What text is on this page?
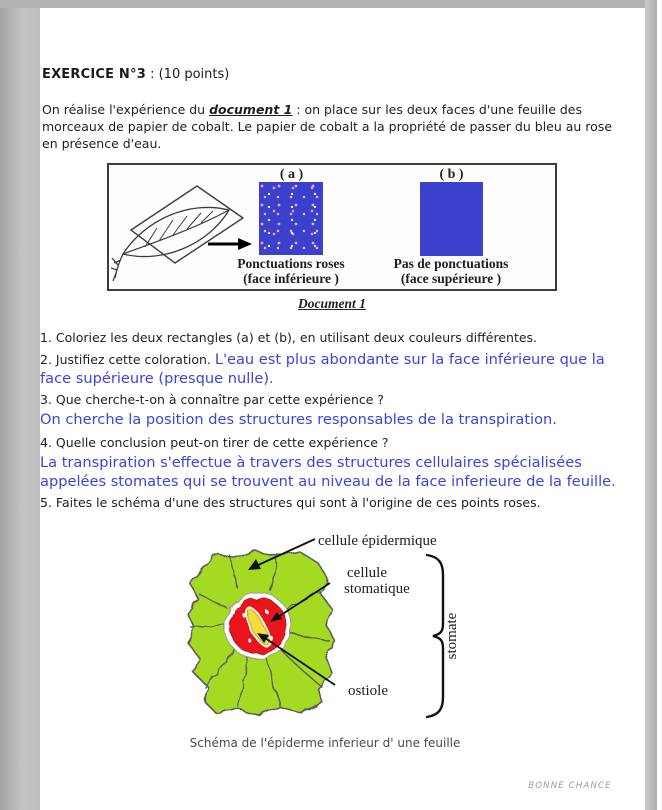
EXERCICE N°3 : (10 points)
On réalise l'expérience du document 1 : on place sur les deux faces d'une feuille des morceaux de papier de cobalt. Le papier de cobalt a la propriété de passer du bleu au rose en présence d'eau.
( a )
Ponctuations roses
(face inférieure )
( b )
Pas de ponctuations
(face supérieure )
Document 1

1. Coloriez les deux rectangles (a) et (b), en utilisant deux couleurs différentes.

2. Justifiez cette coloration. L'eau est plus abondante sur la face inférieure que la face supérieure (presque nulle).

3. Que cherche-t-on à connaître par cette expérience ?

On cherche la position des structures responsables de la transpiration.

4. Quelle conclusion peut-on tirer de cette expérience ?

La transpiration s'effectue à travers des structures cellulaires spécialisées appelées stomates qui se trouvent au niveau de la face inferieure de la feuille.

5. Faites le schéma d'une des structures qui sont à l'origine de ces points roses.

cellule épidermique
cellule
stomatique
ostiole
stomate
Schéma de l'épiderme inferieur d' une feuille
BONNE CHANCE
